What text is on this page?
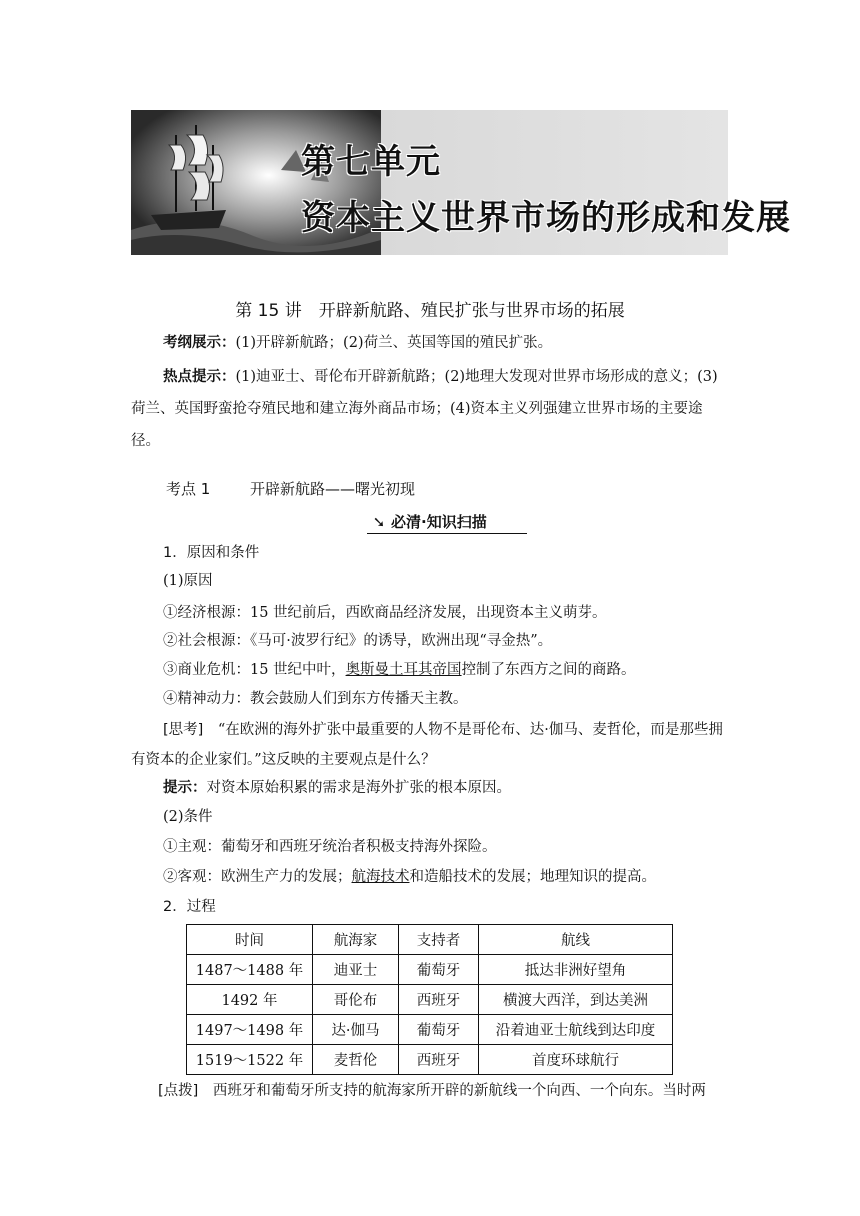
第七单元
资本主义世界市场的形成和发展
第 15 讲　开辟新航路、殖民扩张与世界市场的拓展
考纲展示：(1)开辟新航路；(2)荷兰、英国等国的殖民扩张。
热点提示：(1)迪亚士、哥伦布开辟新航路；(2)地理大发现对世界市场形成的意义；(3)荷兰、英国野蛮抢夺殖民地和建立海外商品市场；(4)资本主义列强建立世界市场的主要途径。
考点 1	开辟新航路——曙光初现
➘ 必清·知识扫描
1．原因和条件
(1)原因
①经济根源：15 世纪前后，西欧商品经济发展，出现资本主义萌芽。
②社会根源：《马可·波罗行纪》的诱导，欧洲出现“寻金热”。
③商业危机：15 世纪中叶，奥斯曼土耳其帝国控制了东西方之间的商路。
④精神动力：教会鼓励人们到东方传播天主教。
[思考]　 “在欧洲的海外扩张中最重要的人物不是哥伦布、达·伽马、麦哲伦，而是那些拥有资本的企业家们。”这反映的主要观点是什么？
提示：对资本原始积累的需求是海外扩张的根本原因。
(2)条件
①主观：葡萄牙和西班牙统治者积极支持海外探险。
②客观：欧洲生产力的发展；航海技术和造船技术的发展；地理知识的提高。
2．过程
时间	航海家	支持者	航线
1487～1488 年	迪亚士	葡萄牙	抵达非洲好望角
1492 年	哥伦布	西班牙	横渡大西洋，到达美洲
1497～1498 年	达·伽马	葡萄牙	沿着迪亚士航线到达印度
1519～1522 年	麦哲伦	西班牙	首度环球航行
[点拨]　 西班牙和葡萄牙所支持的航海家所开辟的新航线一个向西、一个向东。当时两
